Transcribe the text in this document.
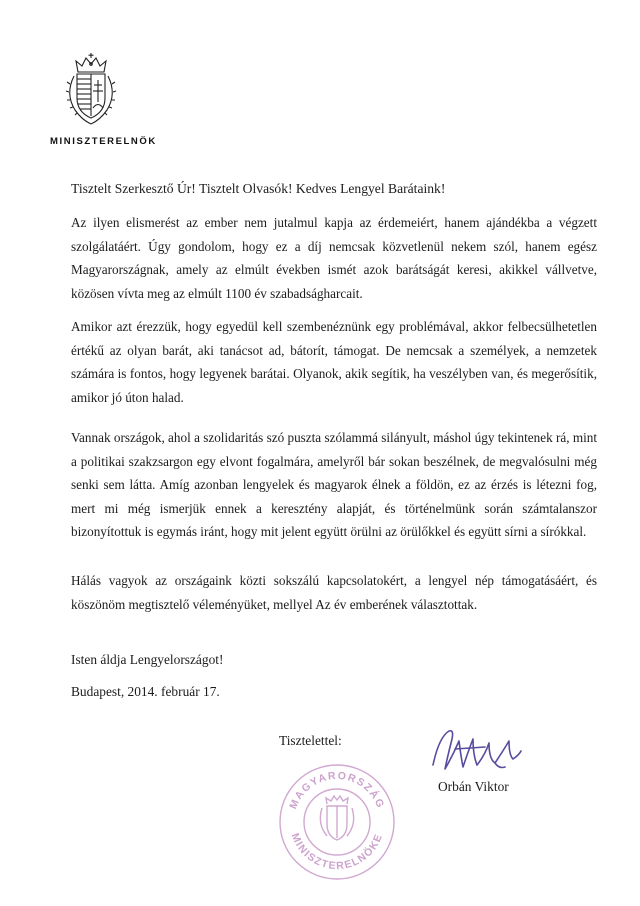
MINISZTERELNÖK
Tisztelt Szerkesztő Úr! Tisztelt Olvasók! Kedves Lengyel Barátaink!

Az ilyen elismerést az ember nem jutalmul kapja az érdemeiért, hanem ajándékba a végzett szolgálatáért. Úgy gondolom, hogy ez a díj nemcsak közvetlenül nekem szól, hanem egész Magyarországnak, amely az elmúlt években ismét azok barátságát keresi, akikkel vállvetve, közösen vívta meg az elmúlt 1100 év szabadságharcait.

Amikor azt érezzük, hogy egyedül kell szembenéznünk egy problémával, akkor felbecsülhetetlen értékű az olyan barát, aki tanácsot ad, bátorít, támogat. De nemcsak a személyek, a nemzetek számára is fontos, hogy legyenek barátai. Olyanok, akik segítik, ha veszélyben van, és megerősítik, amikor jó úton halad.

Vannak országok, ahol a szolidaritás szó puszta szólammá silányult, máshol úgy tekintenek rá, mint a politikai szakzsargon egy elvont fogalmára, amelyről bár sokan beszélnek, de megvalósulni még senki sem látta. Amíg azonban lengyelek és magyarok élnek a földön, ez az érzés is létezni fog, mert mi még ismerjük ennek a keresztény alapját, és történelmünk során számtalanszor bizonyítottuk is egymás iránt, hogy mit jelent együtt örülni az örülőkkel és együtt sírni a sírókkal.

Hálás vagyok az országaink közti sokszálú kapcsolatokért, a lengyel nép támogatásáért, és köszönöm megtisztelő véleményüket, mellyel Az év emberének választottak.

Isten áldja Lengyelországot!
Budapest, 2014. február 17.
Tisztelettel:
Orbán Viktor
MAGYARORSZÁG
MINISZTERELNÖKE
